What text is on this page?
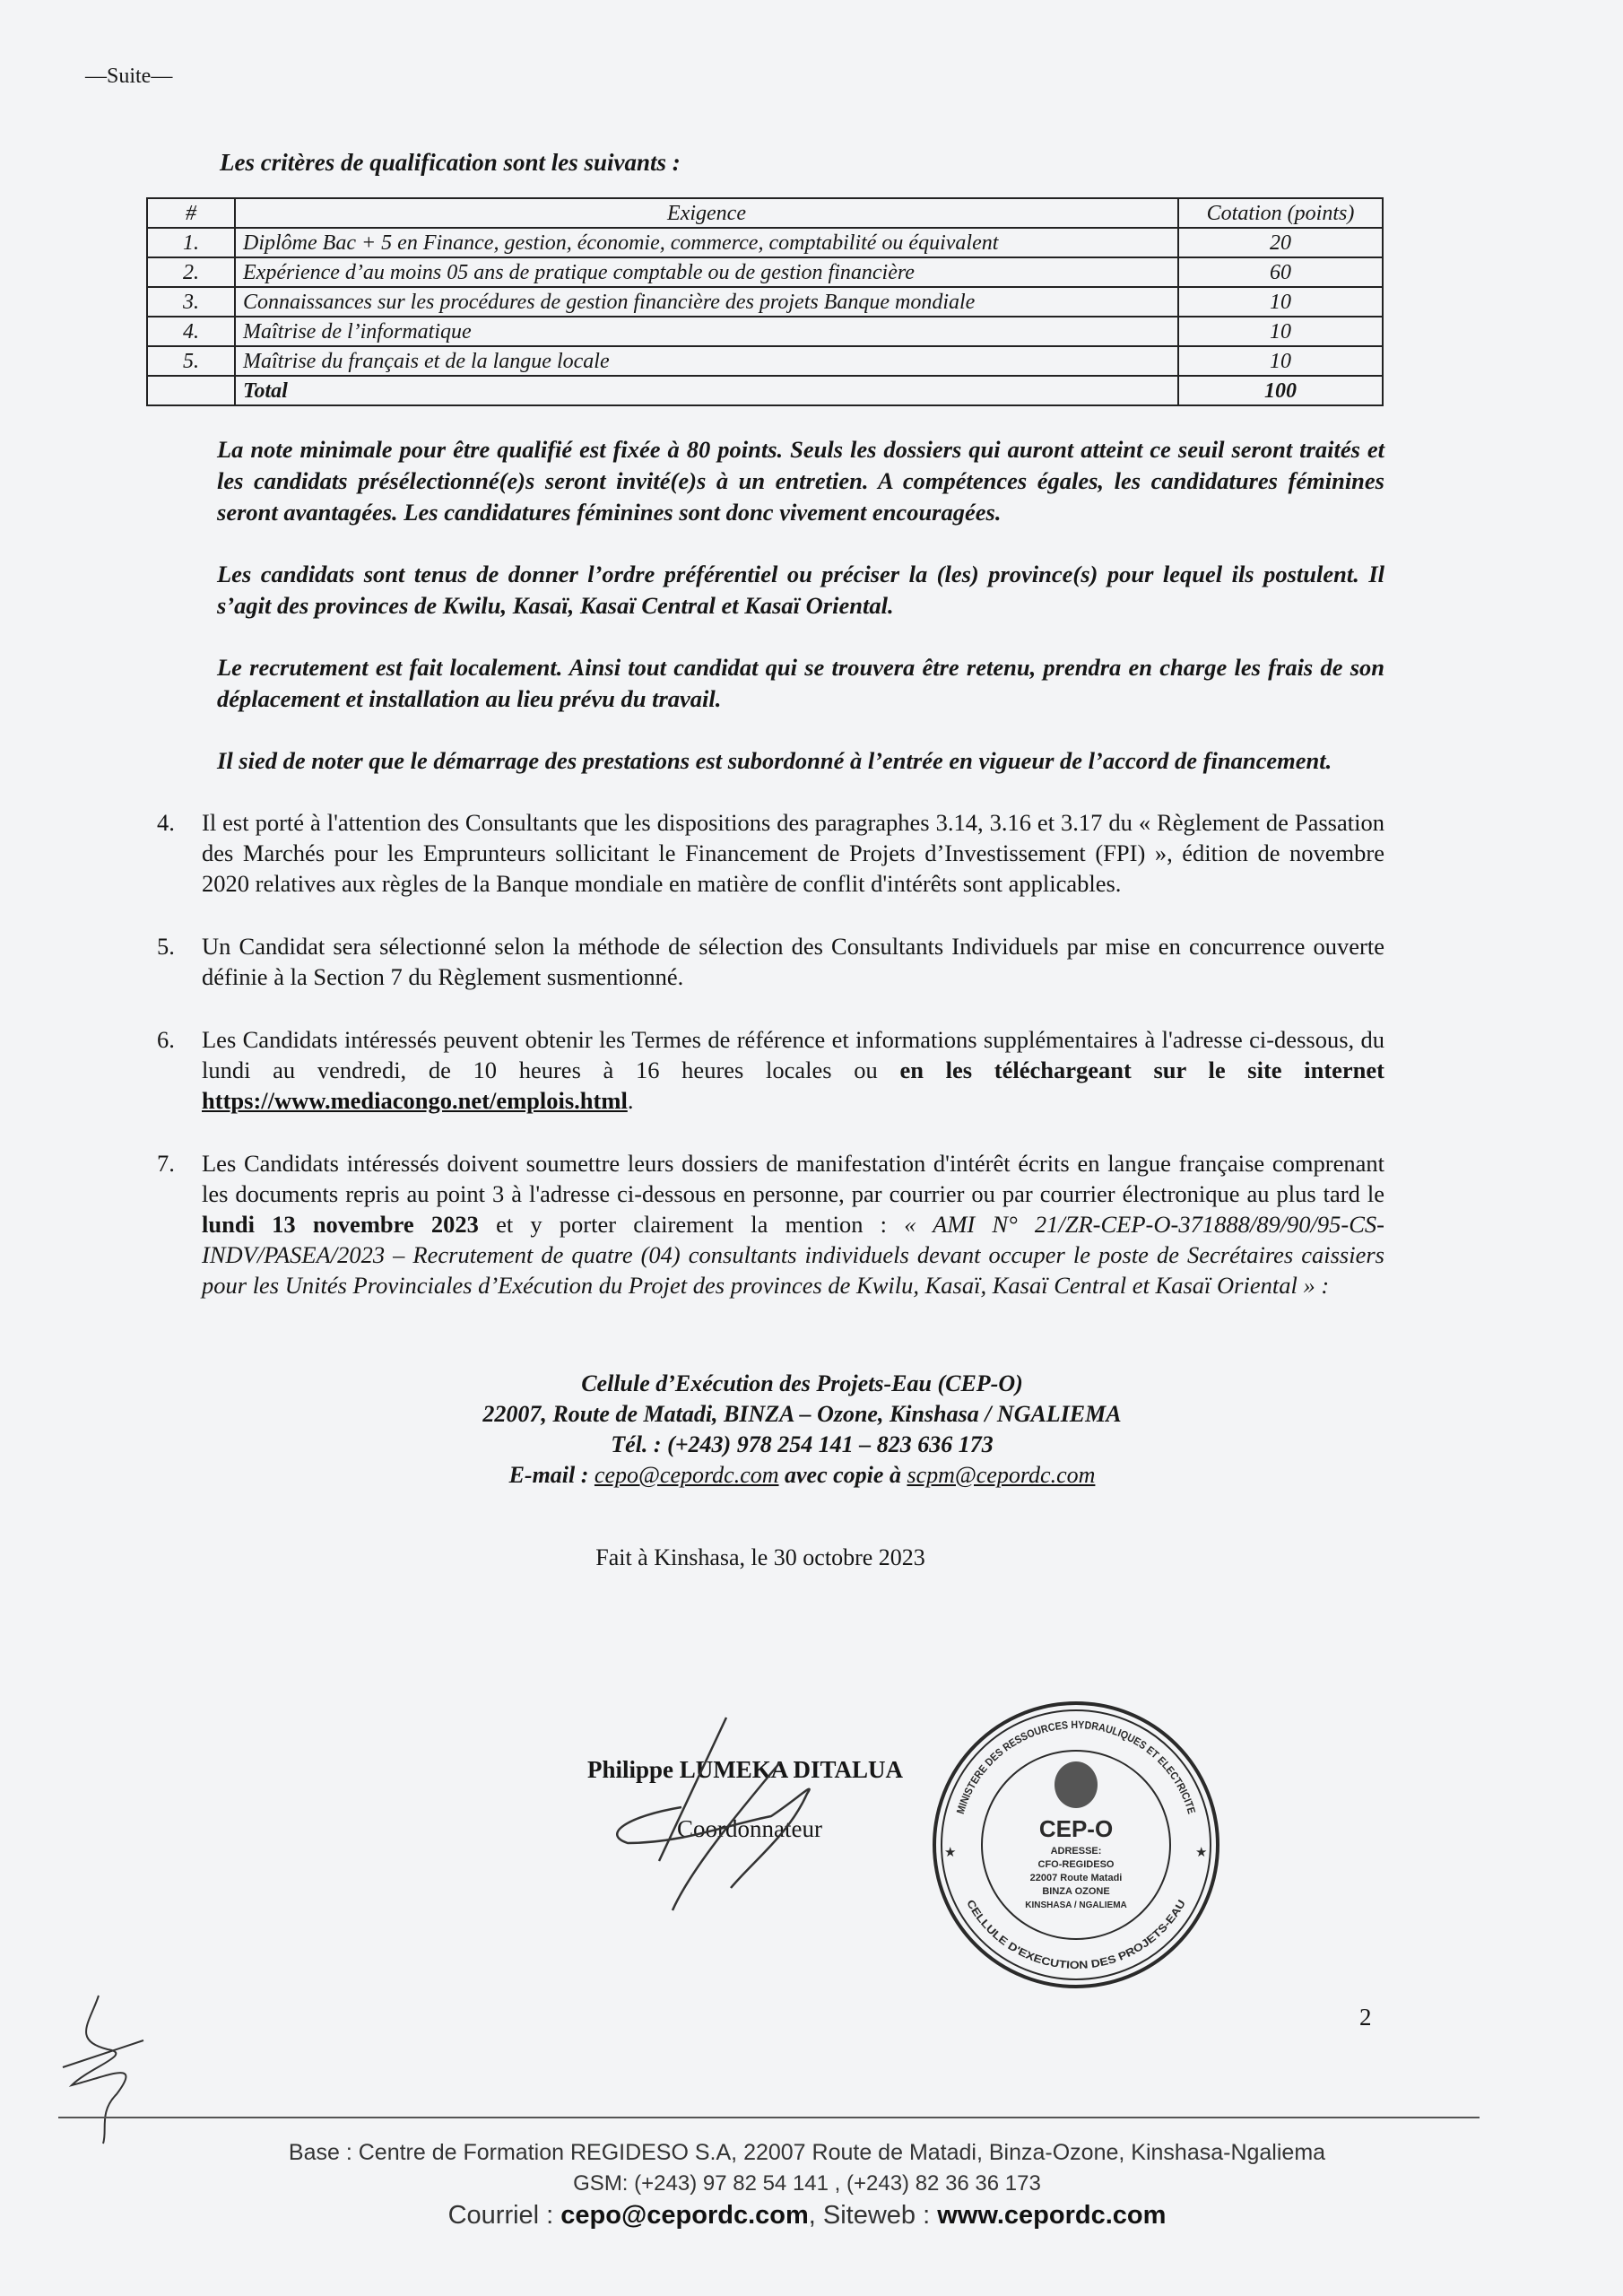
—Suite—
Les critères de qualification sont les suivants :
#	Exigence	Cotation (points)
1.	Diplôme Bac + 5 en Finance, gestion, économie, commerce, comptabilité ou équivalent	20
2.	Expérience d’au moins 05 ans de pratique comptable ou de gestion financière	60
3.	Connaissances sur les procédures de gestion financière des projets Banque mondiale	10
4.	Maîtrise de l’informatique	10
5.	Maîtrise du français et de la langue locale	10
	Total	100
La note minimale pour être qualifié est fixée à 80 points. Seuls les dossiers qui auront atteint ce seuil seront traités et les candidats présélectionné(e)s seront invité(e)s à un entretien. A compétences égales, les candidatures féminines seront avantagées. Les candidatures féminines sont donc vivement encouragées.
Les candidats sont tenus de donner l’ordre préférentiel ou préciser la (les) province(s) pour lequel ils postulent. Il s’agit des provinces de Kwilu, Kasaï, Kasaï Central et Kasaï Oriental.
Le recrutement est fait localement. Ainsi tout candidat qui se trouvera être retenu, prendra en charge les frais de son déplacement et installation au lieu prévu du travail.
Il sied de noter que le démarrage des prestations est subordonné à l’entrée en vigueur de l’accord de financement.
4. Il est porté à l'attention des Consultants que les dispositions des paragraphes 3.14, 3.16 et 3.17 du « Règlement de Passation des Marchés pour les Emprunteurs sollicitant le Financement de Projets d’Investissement (FPI) », édition de novembre 2020 relatives aux règles de la Banque mondiale en matière de conflit d'intérêts sont applicables.
5. Un Candidat sera sélectionné selon la méthode de sélection des Consultants Individuels par mise en concurrence ouverte définie à la Section 7 du Règlement susmentionné.
6. Les Candidats intéressés peuvent obtenir les Termes de référence et informations supplémentaires à l'adresse ci-dessous, du lundi au vendredi, de 10 heures à 16 heures locales ou en les téléchargeant sur le site internet https://www.mediacongo.net/emplois.html.
7. Les Candidats intéressés doivent soumettre leurs dossiers de manifestation d'intérêt écrits en langue française comprenant les documents repris au point 3 à l'adresse ci-dessous en personne, par courrier ou par courrier électronique au plus tard le lundi 13 novembre 2023 et y porter clairement la mention : « AMI N° 21/ZR-CEP-O-371888/89/90/95-CS-INDV/PASEA/2023 – Recrutement de quatre (04) consultants individuels devant occuper le poste de Secrétaires caissiers pour les Unités Provinciales d’Exécution du Projet des provinces de Kwilu, Kasaï, Kasaï Central et Kasaï Oriental » :
Cellule d’Exécution des Projets-Eau (CEP-O)
22007, Route de Matadi, BINZA – Ozone, Kinshasa / NGALIEMA
Tél. : (+243) 978 254 141 – 823 636 173
E-mail : cepo@cepordc.com avec copie à scpm@cepordc.com
Fait à Kinshasa, le 30 octobre 2023
Philippe LUMEKA DITALUA
Coordonnateur
MINISTERE DES RESSOURCES HYDRAULIQUES ET ELECTRICITE
CELLULE D'EXECUTION DES PROJETS-EAU
★	★
CEP-O
ADRESSE:
CFO-REGIDESO
22007 Route Matadi
BINZA OZONE
KINSHASA / NGALIEMA
2
Base : Centre de Formation REGIDESO S.A, 22007 Route de Matadi, Binza-Ozone, Kinshasa-Ngaliema
GSM: (+243) 97 82 54 141 , (+243) 82 36 36 173
Courriel : cepo@cepordc.com, Siteweb : www.cepordc.com
